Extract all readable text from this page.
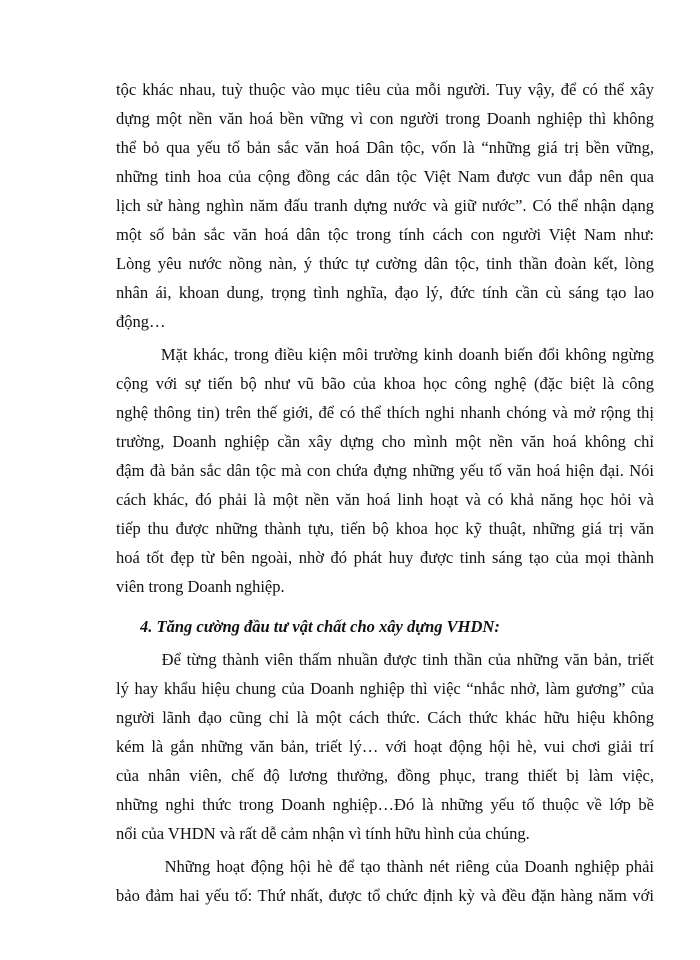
tộc khác nhau, tuỳ thuộc vào mục tiêu của mỗi người. Tuy vậy, để có thể xây
dựng một nền văn hoá bền vững vì con người trong Doanh nghiệp thì không
thể bỏ qua yếu tố bản sắc văn hoá Dân tộc, vốn là “những giá trị bền vững,
những tinh hoa của cộng đồng các dân tộc Việt Nam được vun đắp nên qua
lịch sử hàng nghìn năm đấu tranh dựng nước và giữ nước”. Có thể nhận dạng
một số bản sắc văn hoá dân tộc trong tính cách con người Việt Nam như:
Lòng yêu nước nồng nàn, ý thức tự cường dân tộc, tinh thần đoàn kết, lòng
nhân ái, khoan dung, trọng tình nghĩa, đạo lý, đức tính cần cù sáng tạo lao
động…
Mặt khác, trong điều kiện môi trường kinh doanh biến đổi không ngừng
cộng với sự tiến bộ như vũ bão của khoa học công nghệ (đặc biệt là công
nghệ thông tin) trên thế giới, để có thể thích nghi nhanh chóng và mở rộng thị
trường, Doanh nghiệp cần xây dựng cho mình một nền văn hoá không chỉ
đậm đà bản sắc dân tộc mà con chứa đựng những yếu tố văn hoá hiện đại. Nói
cách khác, đó phải là một nền văn hoá linh hoạt và có khả năng học hỏi và
tiếp thu được những thành tựu, tiến bộ khoa học kỹ thuật, những giá trị văn
hoá tốt đẹp từ bên ngoài, nhờ đó phát huy được tinh sáng tạo của mọi thành
viên trong Doanh nghiệp.
4. Tăng cường đầu tư vật chất cho xây dựng VHDN:
Để từng thành viên thấm nhuần được tinh thần của những văn bản, triết
lý hay khẩu hiệu chung của Doanh nghiệp thì việc “nhắc nhở, làm gương” của
người lãnh đạo cũng chỉ là một cách thức. Cách thức khác hữu hiệu không
kém là gắn những văn bản, triết lý… với hoạt động hội hè, vui chơi giải trí
của nhân viên, chế độ lương thưởng, đồng phục, trang thiết bị làm việc,
những nghi thức trong Doanh nghiệp…Đó là những yếu tố thuộc về lớp bề
nổi của VHDN và rất dễ cảm nhận vì tính hữu hình của chúng.
Những hoạt động hội hè để tạo thành nét riêng của Doanh nghiệp phải
bảo đảm hai yếu tố: Thứ nhất, được tổ chức định kỳ và đều đặn hàng năm với
